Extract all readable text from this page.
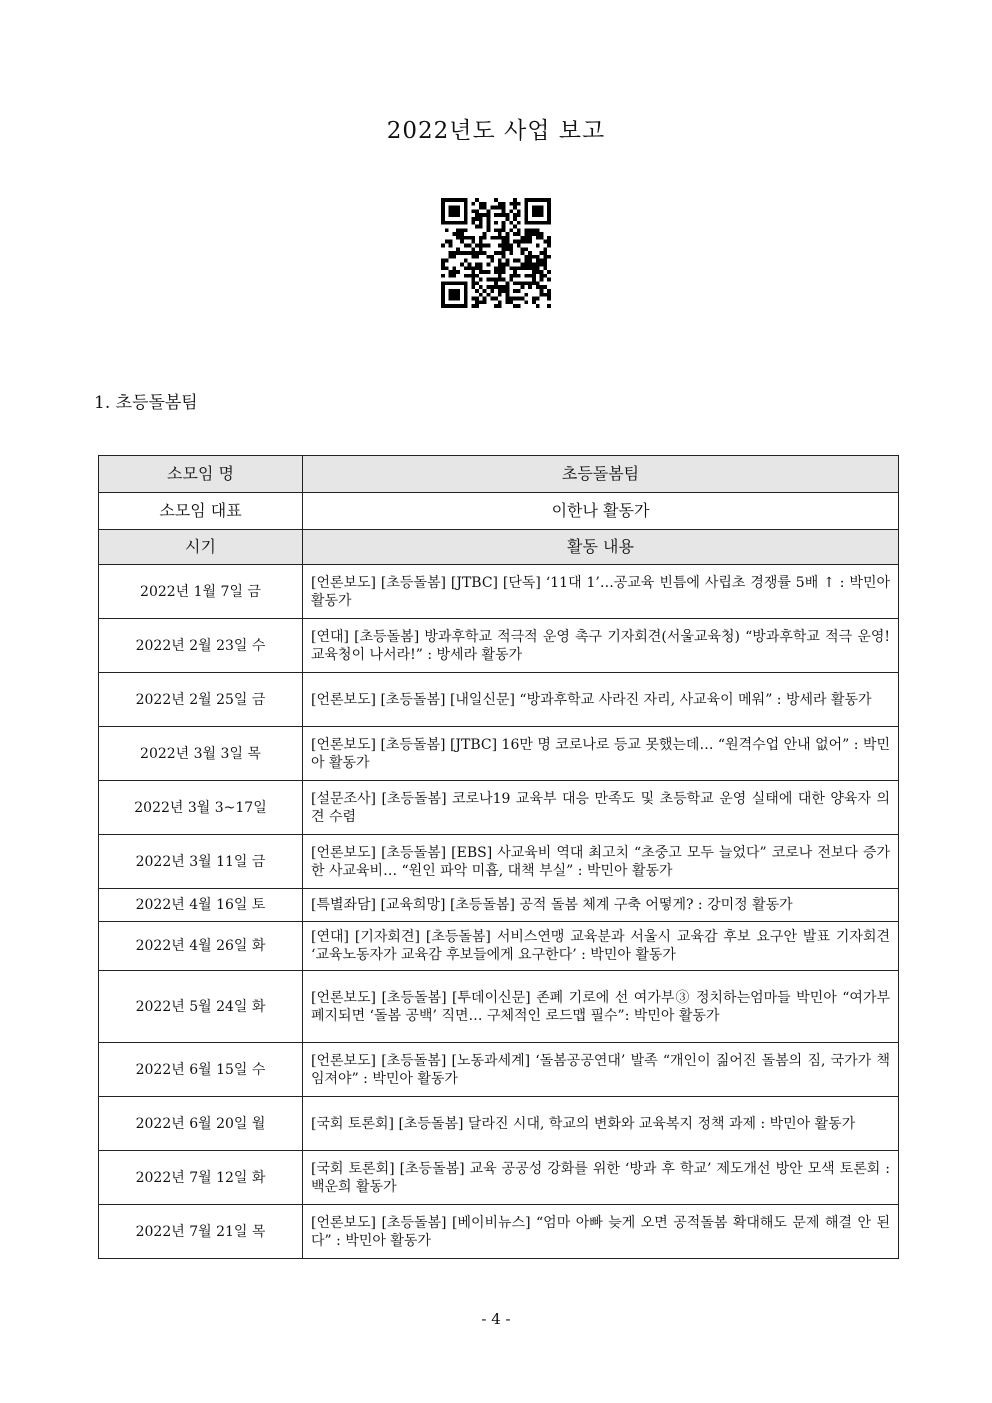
2022년도 사업 보고
1. 초등돌봄팀
소모임 명	초등돌봄팀
소모임 대표	이한나 활동가
시기	활동 내용
2022년 1월 7일 금	[언론보도] [초등돌봄] [JTBC] [단독] ‘11대 1’…공교육 빈틈에 사립초 경쟁률 5배 ↑ : 박민아 활동가
2022년 2월 23일 수	[연대] [초등돌봄] 방과후학교 적극적 운영 촉구 기자회견(서울교육청) “방과후학교 적극 운영! 교육청이 나서라!” : 방세라 활동가
2022년 2월 25일 금	[언론보도] [초등돌봄] [내일신문] “방과후학교 사라진 자리, 사교육이 메워” : 방세라 활동가
2022년 3월 3일 목	[언론보도] [초등돌봄] [JTBC] 16만 명 코로나로 등교 못했는데… “원격수업 안내 없어” : 박민아 활동가
2022년 3월 3~17일	[설문조사] [초등돌봄] 코로나19 교육부 대응 만족도 및 초등학교 운영 실태에 대한 양육자 의견 수렴
2022년 3월 11일 금	[언론보도] [초등돌봄] [EBS] 사교육비 역대 최고치 “초중고 모두 늘었다” 코로나 전보다 증가한 사교육비… “원인 파악 미흡, 대책 부실” : 박민아 활동가
2022년 4월 16일 토	[특별좌담] [교육희망] [초등돌봄] 공적 돌봄 체계 구축 어떻게? : 강미정 활동가
2022년 4월 26일 화	[연대] [기자회견] [초등돌봄] 서비스연맹 교육분과 서울시 교육감 후보 요구안 발표 기자회견 ‘교육노동자가 교육감 후보들에게 요구한다’ : 박민아 활동가
2022년 5월 24일 화	[언론보도] [초등돌봄] [투데이신문] 존폐 기로에 선 여가부③ 정치하는엄마들 박민아 “여가부 폐지되면 ‘돌봄 공백’ 직면… 구체적인 로드맵 필수”: 박민아 활동가
2022년 6월 15일 수	[언론보도] [초등돌봄] [노동과세계] ‘돌봄공공연대’ 발족 “개인이 짊어진 돌봄의 짐, 국가가 책임져야” : 박민아 활동가
2022년 6월 20일 월	[국회 토론회] [초등돌봄] 달라진 시대, 학교의 변화와 교육복지 정책 과제 : 박민아 활동가
2022년 7월 12일 화	[국회 토론회] [초등돌봄] 교육 공공성 강화를 위한 ‘방과 후 학교’ 제도개선 방안 모색 토론회 : 백운희 활동가
2022년 7월 21일 목	[언론보도] [초등돌봄] [베이비뉴스] “엄마 아빠 늦게 오면 공적돌봄 확대해도 문제 해결 안 된다” : 박민아 활동가
- 4 -
